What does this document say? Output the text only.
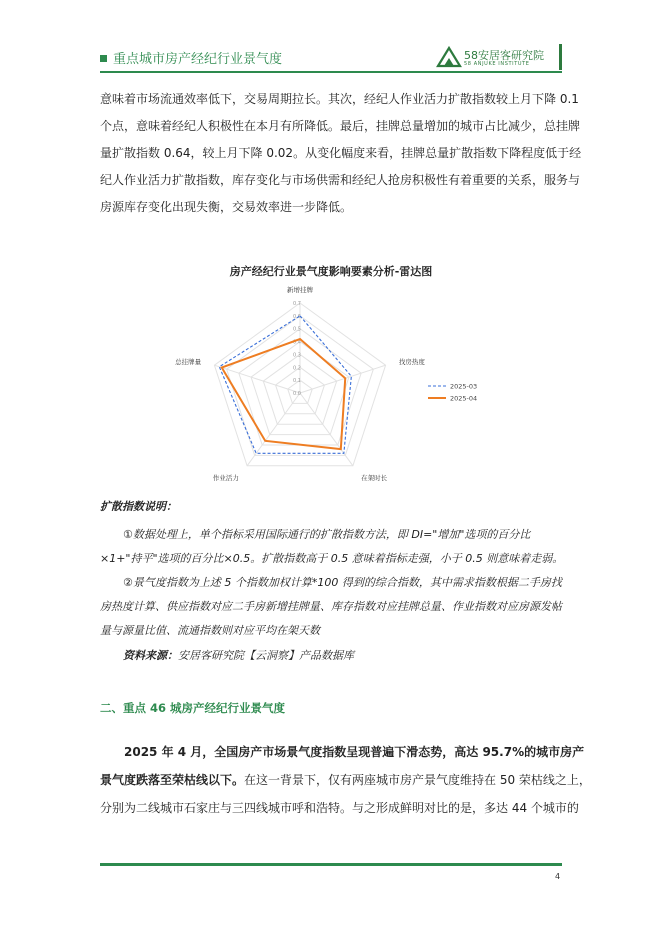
重点城市房产经纪行业景气度	58安居客研究院
58 ANJUKE INSTITUTE
意味着市场流通效率低下，交易周期拉长。其次，经纪人作业活力扩散指数较上月下降 0.1
个点，意味着经纪人积极性在本月有所降低。最后，挂牌总量增加的城市占比减少，总挂牌
量扩散指数 0.64，较上月下降 0.02。从变化幅度来看，挂牌总量扩散指数下降程度低于经
纪人作业活力扩散指数，库存变化与市场供需和经纪人抢房积极性有着重要的关系，服务与
房源库存变化出现失衡，交易效率进一步降低。
房产经纪行业景气度影响要素分析-雷达图
0.7
0.6
0.5
0.4
0.3
0.2
0.1
0.0
新增挂牌
找房热度
在架时长
作业活力
总挂牌量
2025-03
2025-04
扩散指数说明：
①数据处理上，单个指标采用国际通行的扩散指数方法，即 DI="增加"选项的百分比
×1+"持平"选项的百分比×0.5。扩散指数高于 0.5 意味着指标走强，小于 0.5 则意味着走弱。
②景气度指数为上述 5 个指数加权计算*100 得到的综合指数，其中需求指数根据二手房找
房热度计算、供应指数对应二手房新增挂牌量、库存指数对应挂牌总量、作业指数对应房源发帖
量与源量比值、流通指数则对应平均在架天数
资料来源：安居客研究院【云洞察】产品数据库
二、重点 46 城房产经纪行业景气度
2025 年 4 月，全国房产市场景气度指数呈现普遍下滑态势，高达 95.7%的城市房产
景气度跌落至荣枯线以下。在这一背景下，仅有两座城市房产景气度维持在 50 荣枯线之上，
分别为二线城市石家庄与三四线城市呼和浩特。与之形成鲜明对比的是，多达 44 个城市的
4
